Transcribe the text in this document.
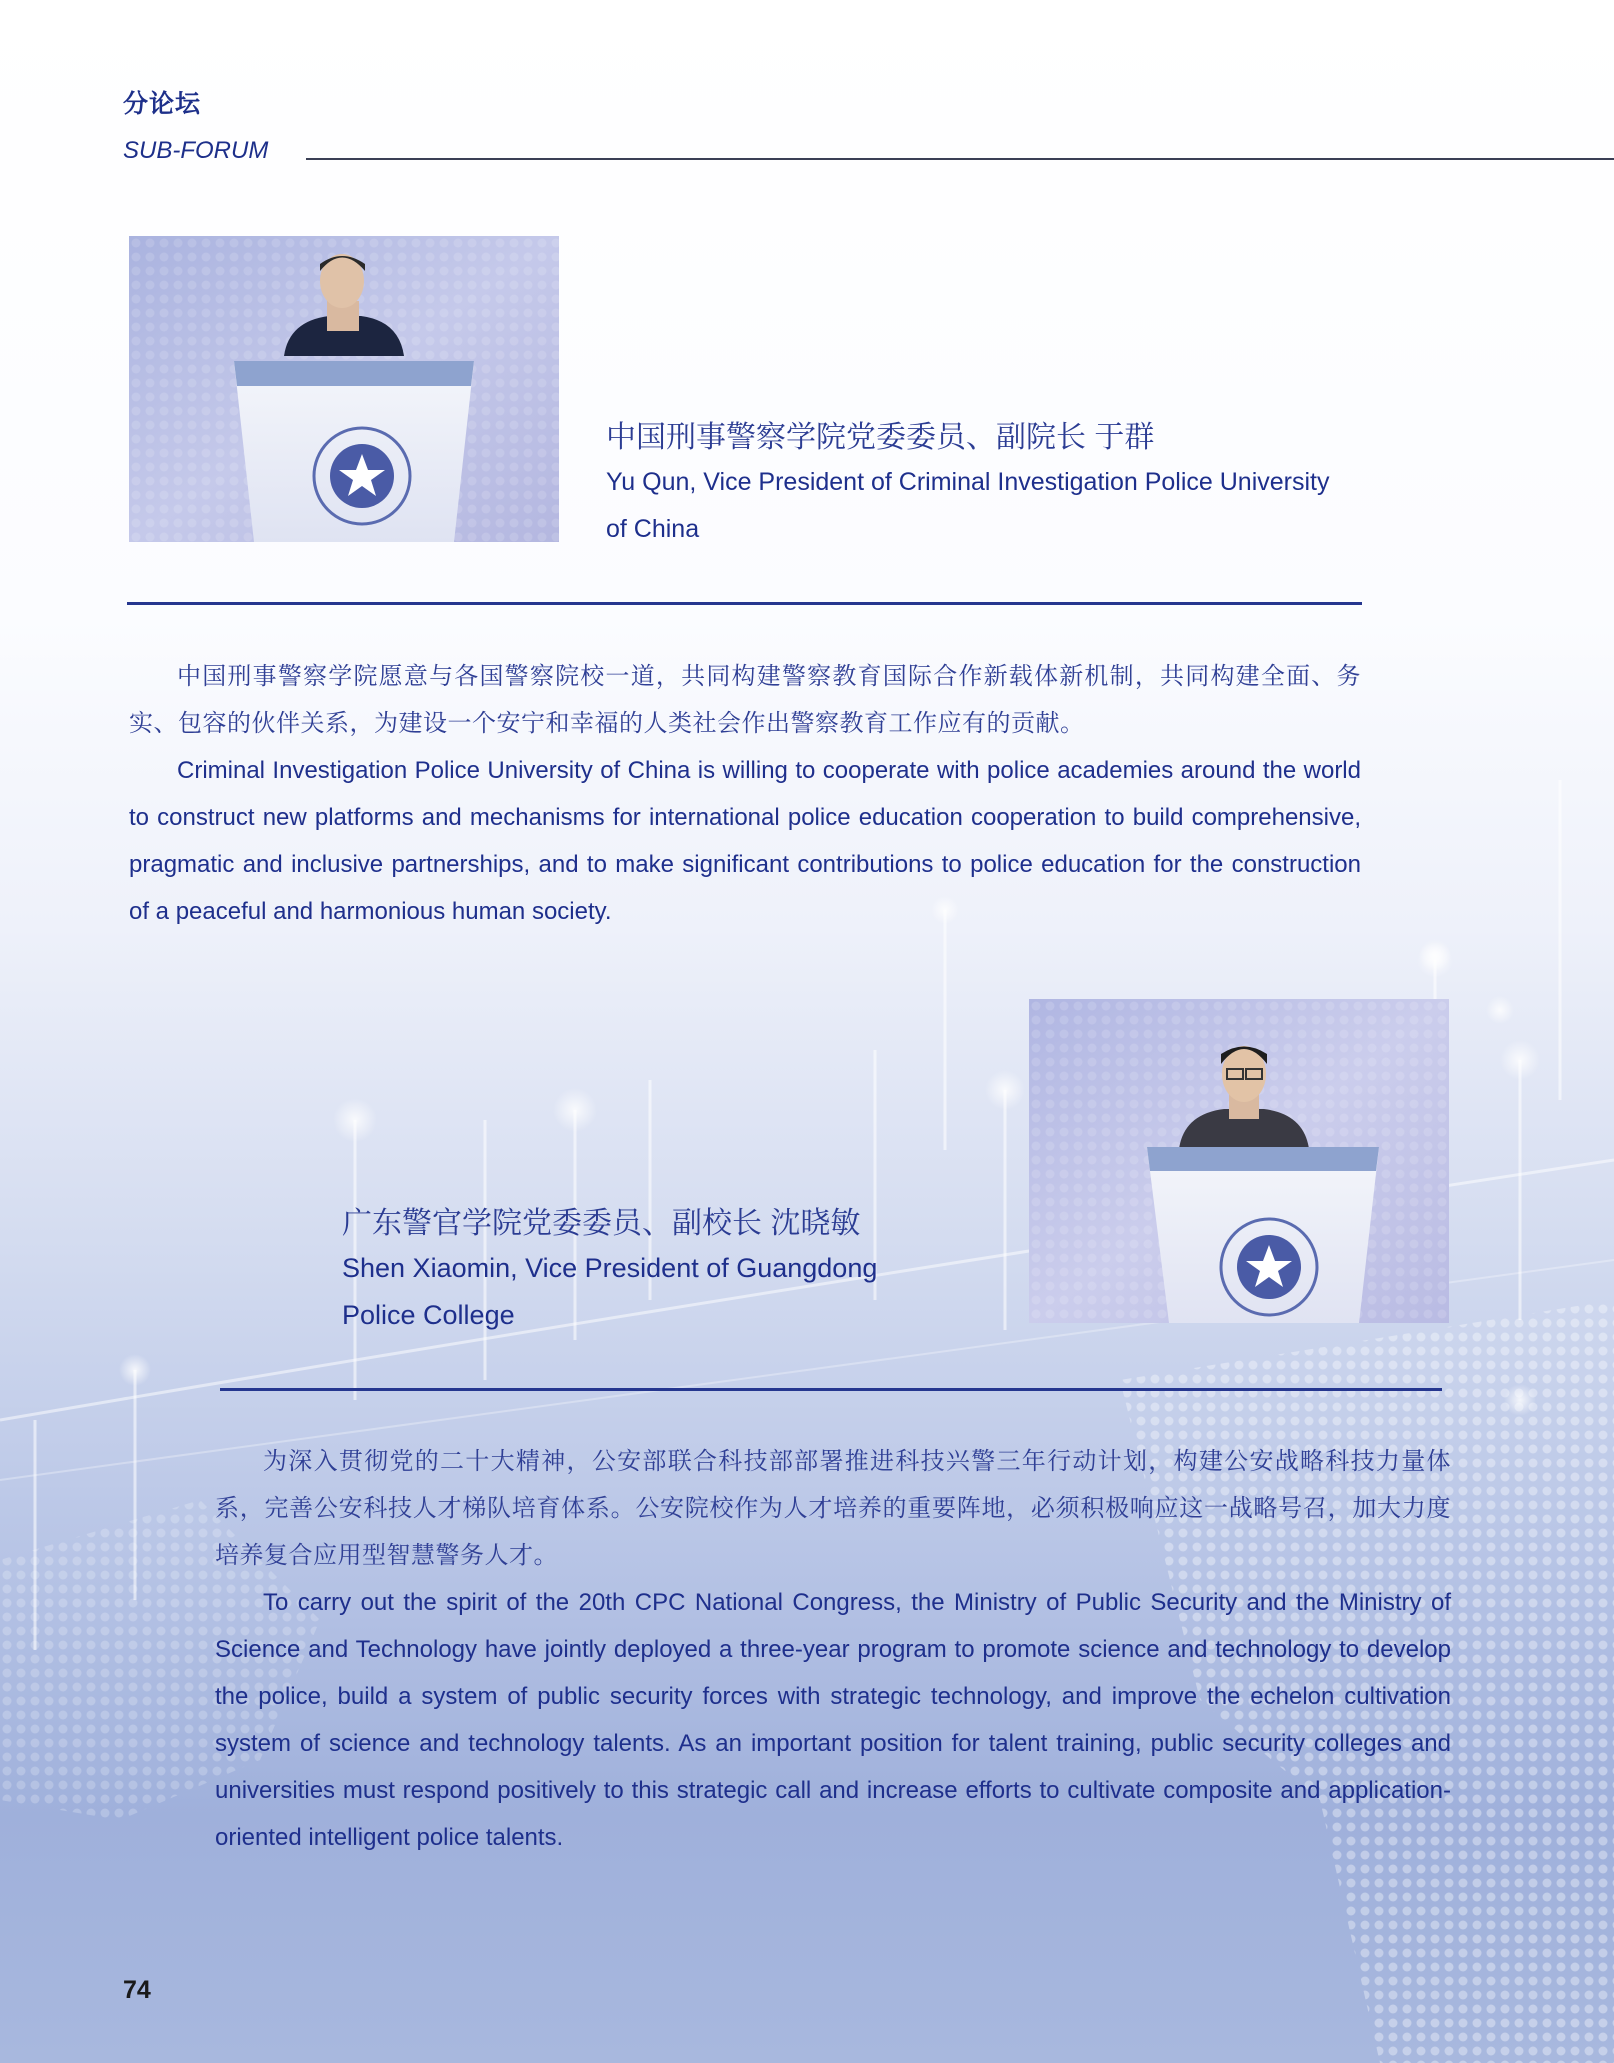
分论坛
SUB-FORUM
中国刑事警察学院党委委员、副院长 于群
Yu Qun, Vice President of Criminal Investigation Police University
of China

中国刑事警察学院愿意与各国警察院校一道，共同构建警察教育国际合作新载体新机制，共同构建全面、务实、包容的伙伴关系，为建设一个安宁和幸福的人类社会作出警察教育工作应有的贡献。

Criminal Investigation Police University of China is willing to cooperate with police academies around the world to construct new platforms and mechanisms for international police education cooperation to build comprehensive, pragmatic and inclusive partnerships, and to make significant contributions to police education for the construction of a peaceful and harmonious human society.

广东警官学院党委委员、副校长 沈晓敏
Shen Xiaomin, Vice President of Guangdong
Police College

为深入贯彻党的二十大精神，公安部联合科技部部署推进科技兴警三年行动计划，构建公安战略科技力量体系，完善公安科技人才梯队培育体系。公安院校作为人才培养的重要阵地，必须积极响应这一战略号召，加大力度培养复合应用型智慧警务人才。

To carry out the spirit of the 20th CPC National Congress, the Ministry of Public Security and the Ministry of Science and Technology have jointly deployed a three-year program to promote science and technology to develop the police, build a system of public security forces with strategic technology, and improve the echelon cultivation system of science and technology talents. As an important position for talent training, public security colleges and universities must respond positively to this strategic call and increase efforts to cultivate composite and application-oriented intelligent police talents.

74
